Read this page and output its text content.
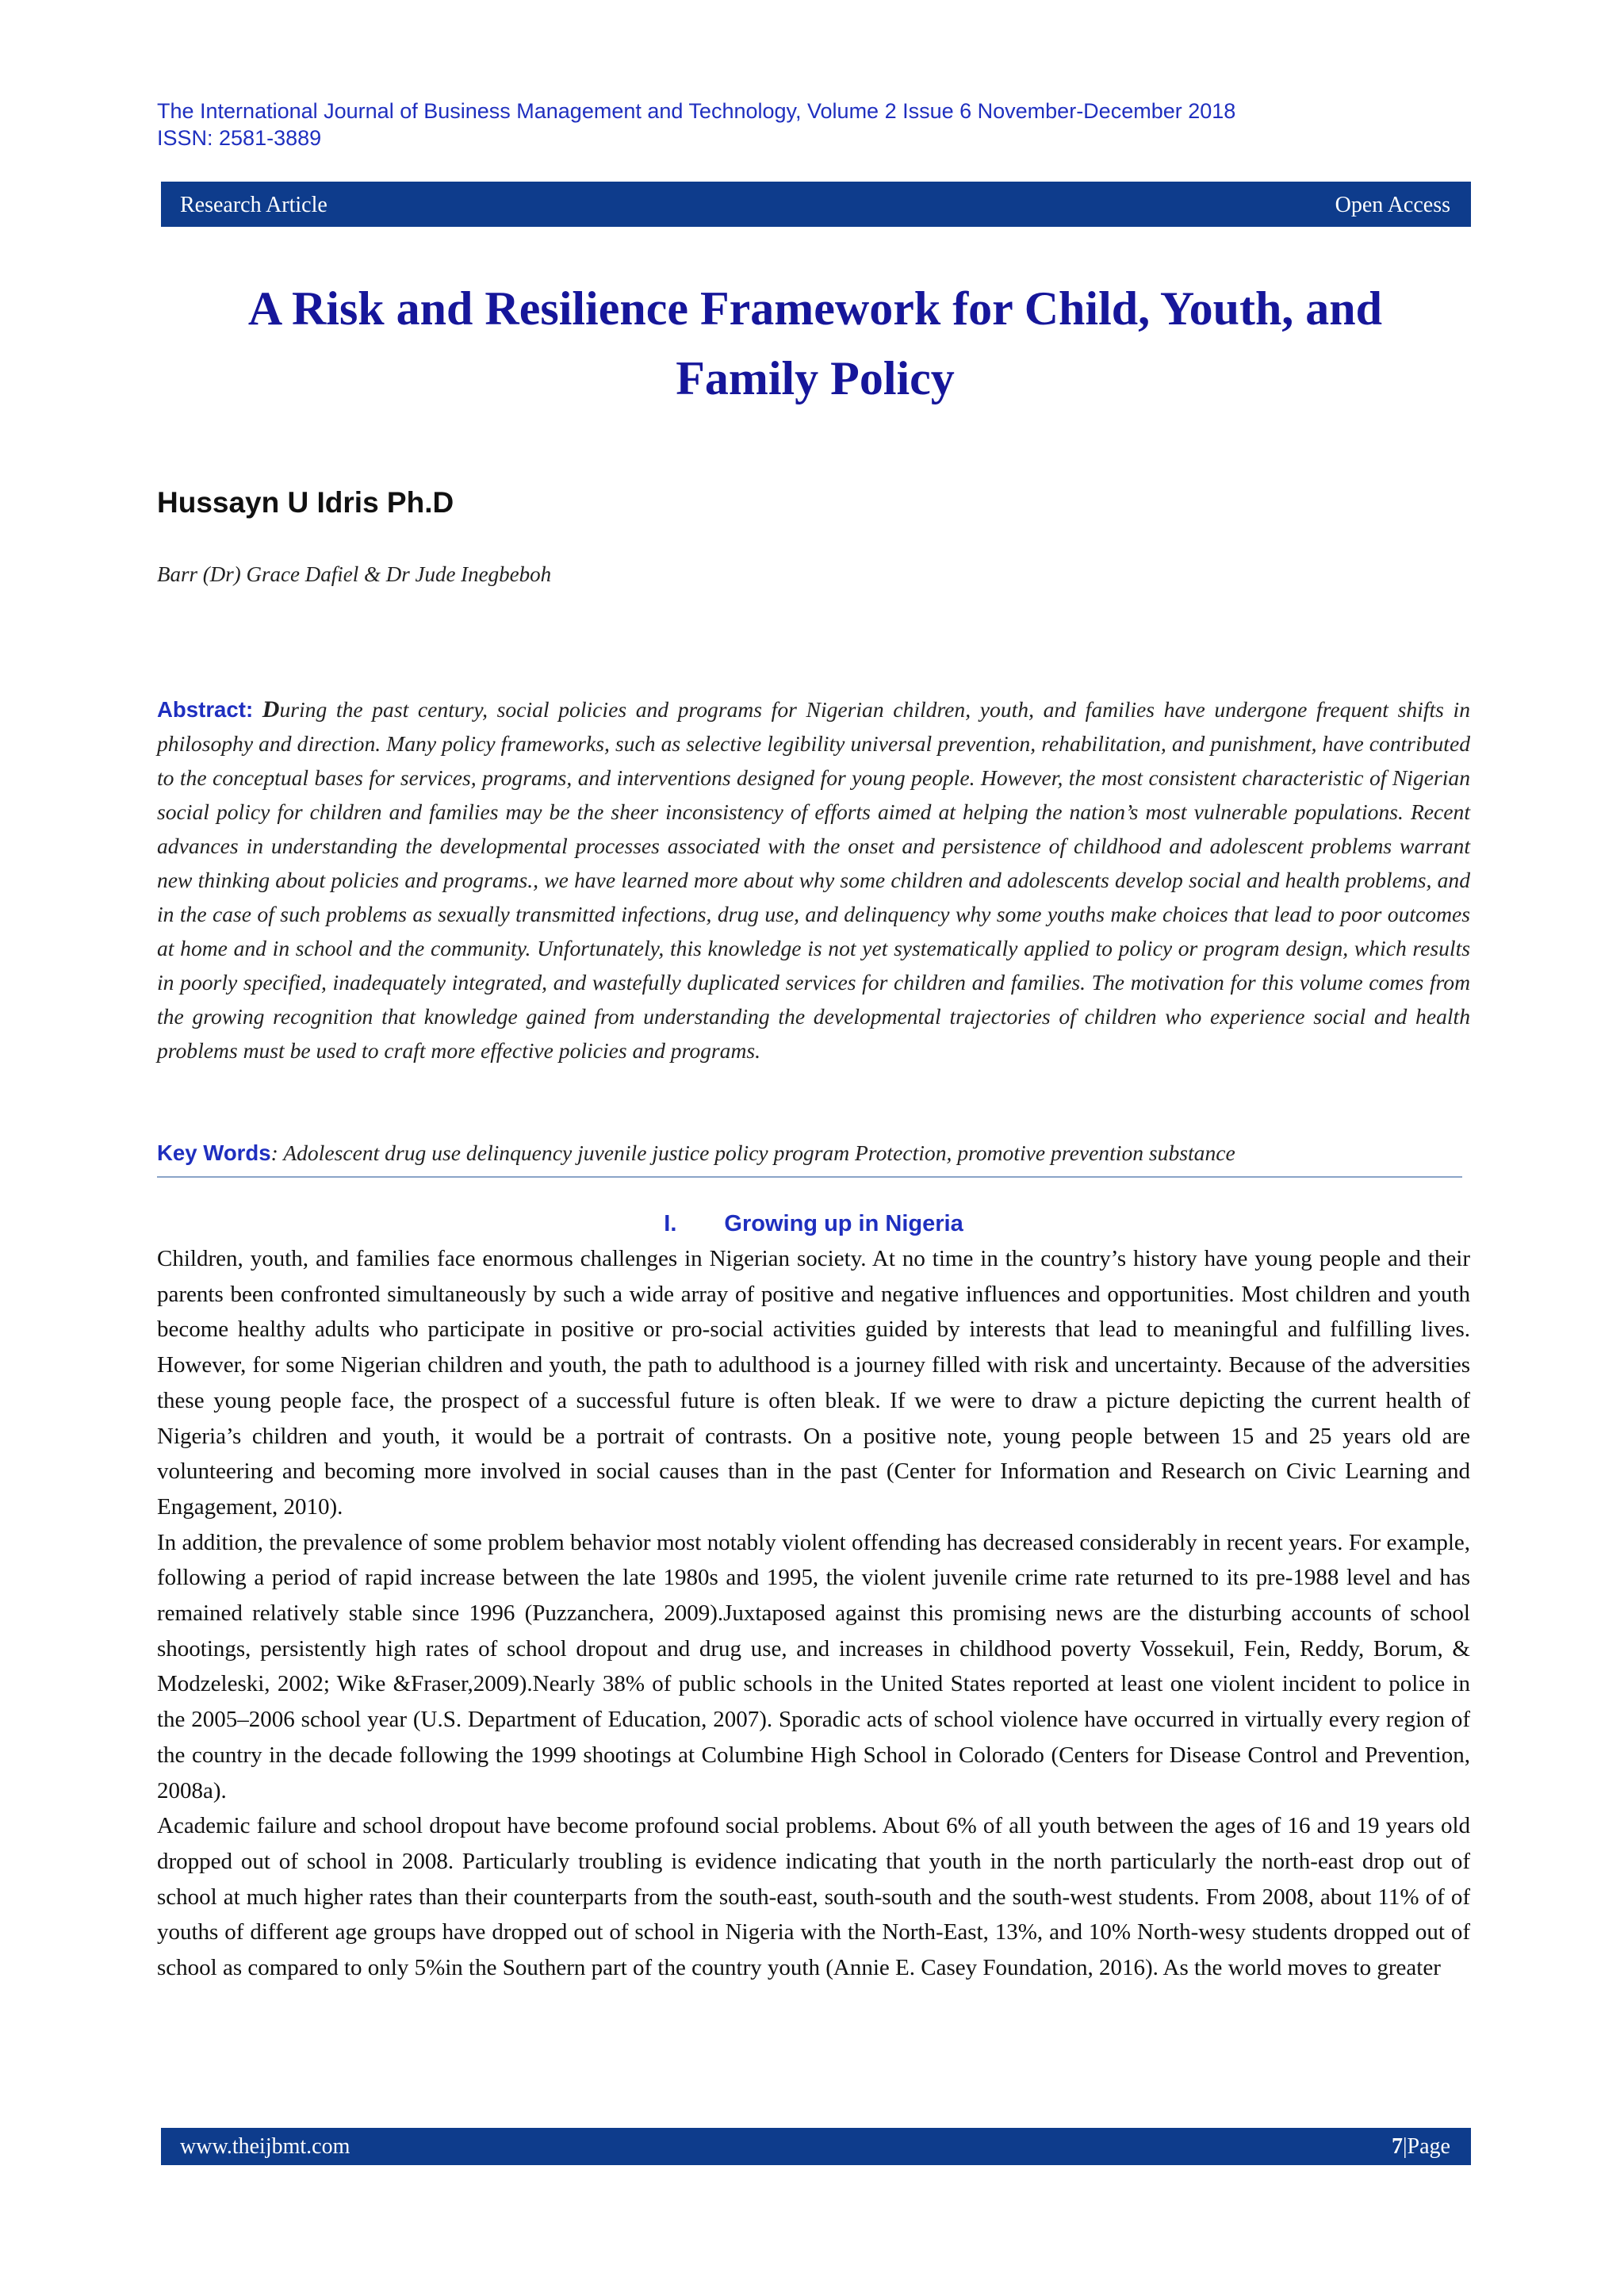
The International Journal of Business Management and Technology, Volume 2 Issue 6 November-December 2018
ISSN: 2581-3889
Research Article	Open Access
A Risk and Resilience Framework for Child, Youth, and
Family Policy
Hussayn U Idris Ph.D
Barr (Dr) Grace Dafiel & Dr Jude Inegbeboh

Abstract: During the past century, social policies and programs for Nigerian children, youth, and families have undergone frequent shifts in philosophy and direction. Many policy frameworks, such as selective legibility universal prevention, rehabilitation, and punishment, have contributed to the conceptual bases for services, programs, and interventions designed for young people. However, the most consistent characteristic of Nigerian social policy for children and families may be the sheer inconsistency of efforts aimed at helping the nation’s most vulnerable populations. Recent advances in understanding the developmental processes associated with the onset and persistence of childhood and adolescent problems warrant new thinking about policies and programs., we have learned more about why some children and adolescents develop social and health problems, and in the case of such problems as sexually transmitted infections, drug use, and delinquency why some youths make choices that lead to poor outcomes at home and in school and the community. Unfortunately, this knowledge is not yet systematically applied to policy or program design, which results in poorly specified, inadequately integrated, and wastefully duplicated services for children and families. The motivation for this volume comes from the growing recognition that knowledge gained from understanding the developmental trajectories of children who experience social and health problems must be used to craft more effective policies and programs.

Key Words: Adolescent drug use delinquency juvenile justice policy program Protection, promotive prevention substance
I. Growing up in Nigeria

Children, youth, and families face enormous challenges in Nigerian society. At no time in the country’s history have young people and their parents been confronted simultaneously by such a wide array of positive and negative influences and opportunities. Most children and youth become healthy adults who participate in positive or pro-social activities guided by interests that lead to meaningful and fulfilling lives. However, for some Nigerian children and youth, the path to adulthood is a journey filled with risk and uncertainty. Because of the adversities these young people face, the prospect of a successful future is often bleak. If we were to draw a picture depicting the current health of Nigeria’s children and youth, it would be a portrait of contrasts. On a positive note, young people between 15 and 25 years old are volunteering and becoming more involved in social causes than in the past (Center for Information and Research on Civic Learning and Engagement, 2010).

In addition, the prevalence of some problem behavior most notably violent offending has decreased considerably in recent years. For example, following a period of rapid increase between the late 1980s and 1995, the violent juvenile crime rate returned to its pre-1988 level and has remained relatively stable since 1996 (Puzzanchera, 2009).Juxtaposed against this promising news are the disturbing accounts of school shootings, persistently high rates of school dropout and drug use, and increases in childhood poverty Vossekuil, Fein, Reddy, Borum, & Modzeleski, 2002; Wike &Fraser,2009).Nearly 38% of public schools in the United States reported at least one violent incident to police in the 2005–2006 school year (U.S. Department of Education, 2007). Sporadic acts of school violence have occurred in virtually every region of the country in the decade following the 1999 shootings at Columbine High School in Colorado (Centers for Disease Control and Prevention, 2008a).

Academic failure and school dropout have become profound social problems. About 6% of all youth between the ages of 16 and 19 years old dropped out of school in 2008. Particularly troubling is evidence indicating that youth in the north particularly the north-east drop out of school at much higher rates than their counterparts from the south-east, south-south and the south-west students. From 2008, about 11% of of youths of different age groups have dropped out of school in Nigeria with the North-East, 13%, and 10% North-wesy students dropped out of school as compared to only 5%in the Southern part of the country youth (Annie E. Casey Foundation, 2016). As the world moves to greater

www.theijbmt.com	7|Page
